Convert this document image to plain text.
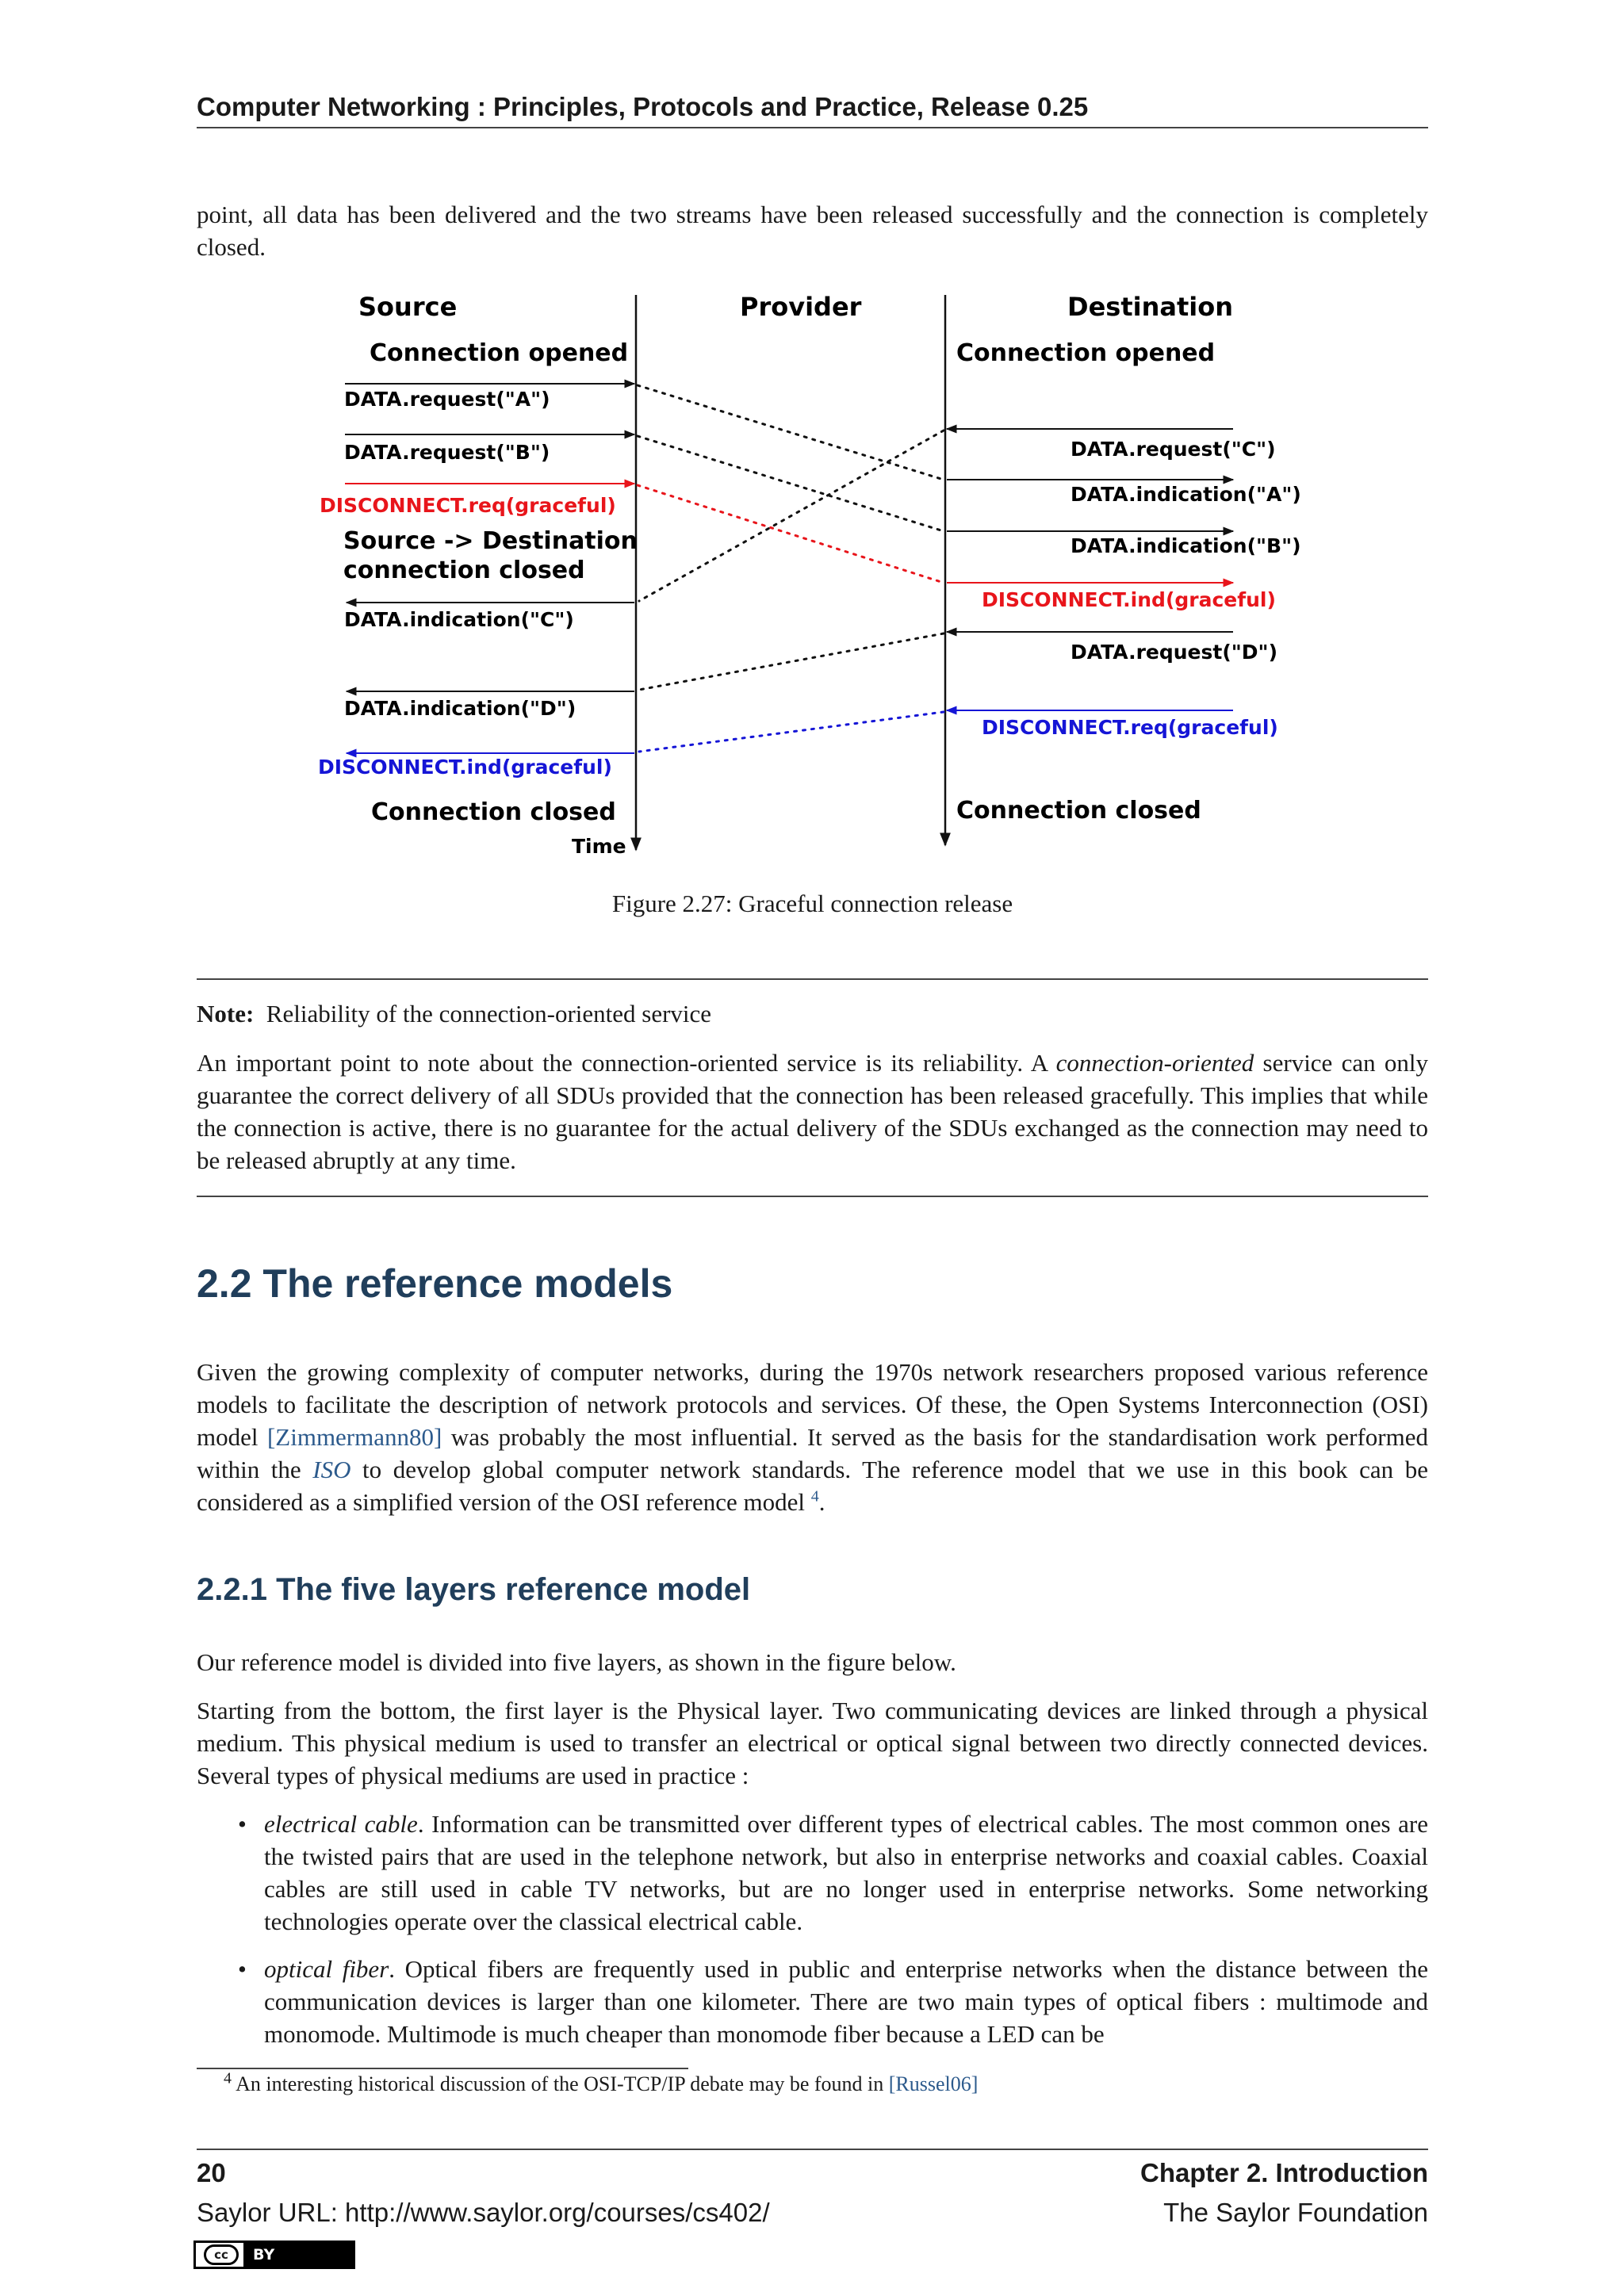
Computer Networking : Principles, Protocols and Practice, Release 0.25

point, all data has been delivered and the two streams have been released successfully and the connection is completely closed.

Source	Provider	Destination
Connection opened	Connection opened
DATA.request("A")
DATA.request("B")
DISCONNECT.req(graceful)
Source -> Destination
connection closed
DATA.request("C")
DATA.indication("A")
DATA.indication("B")
DATA.indication("C")
DISCONNECT.ind(graceful)
DATA.request("D")
DATA.indication("D")
DISCONNECT.req(graceful)
DISCONNECT.ind(graceful)
Connection closed	Connection closed
Time
Figure 2.27: Graceful connection release

Note: Reliability of the connection-oriented service

An important point to note about the connection-oriented service is its reliability. A connection-oriented service can only guarantee the correct delivery of all SDUs provided that the connection has been released gracefully. This implies that while the connection is active, there is no guarantee for the actual delivery of the SDUs exchanged as the connection may need to be released abruptly at any time.

2.2 The reference models

Given the growing complexity of computer networks, during the 1970s network researchers proposed various reference models to facilitate the description of network protocols and services. Of these, the Open Systems Interconnection (OSI) model [Zimmermann80] was probably the most influential. It served as the basis for the standardisation work performed within the ISO to develop global computer network standards. The reference model that we use in this book can be considered as a simplified version of the OSI reference model $^4$.

2.2.1 The five layers reference model

Our reference model is divided into five layers, as shown in the figure below.

Starting from the bottom, the first layer is the Physical layer. Two communicating devices are linked through a physical medium. This physical medium is used to transfer an electrical or optical signal between two directly connected devices. Several types of physical mediums are used in practice :

• electrical cable. Information can be transmitted over different types of electrical cables. The most common ones are the twisted pairs that are used in the telephone network, but also in enterprise networks and coaxial cables. Coaxial cables are still used in cable TV networks, but are no longer used in enterprise networks. Some networking technologies operate over the classical electrical cable.
• optical fiber. Optical fibers are frequently used in public and enterprise networks when the distance between the communication devices is larger than one kilometer. There are two main types of optical fibers : multimode and monomode. Multimode is much cheaper than monomode fiber because a LED can be
$^4$ An interesting historical discussion of the OSI-TCP/IP debate may be found in [Russel06]
20	Chapter 2. Introduction
Saylor URL: http://www.saylor.org/courses/cs402/	The Saylor Foundation
cc	BY
